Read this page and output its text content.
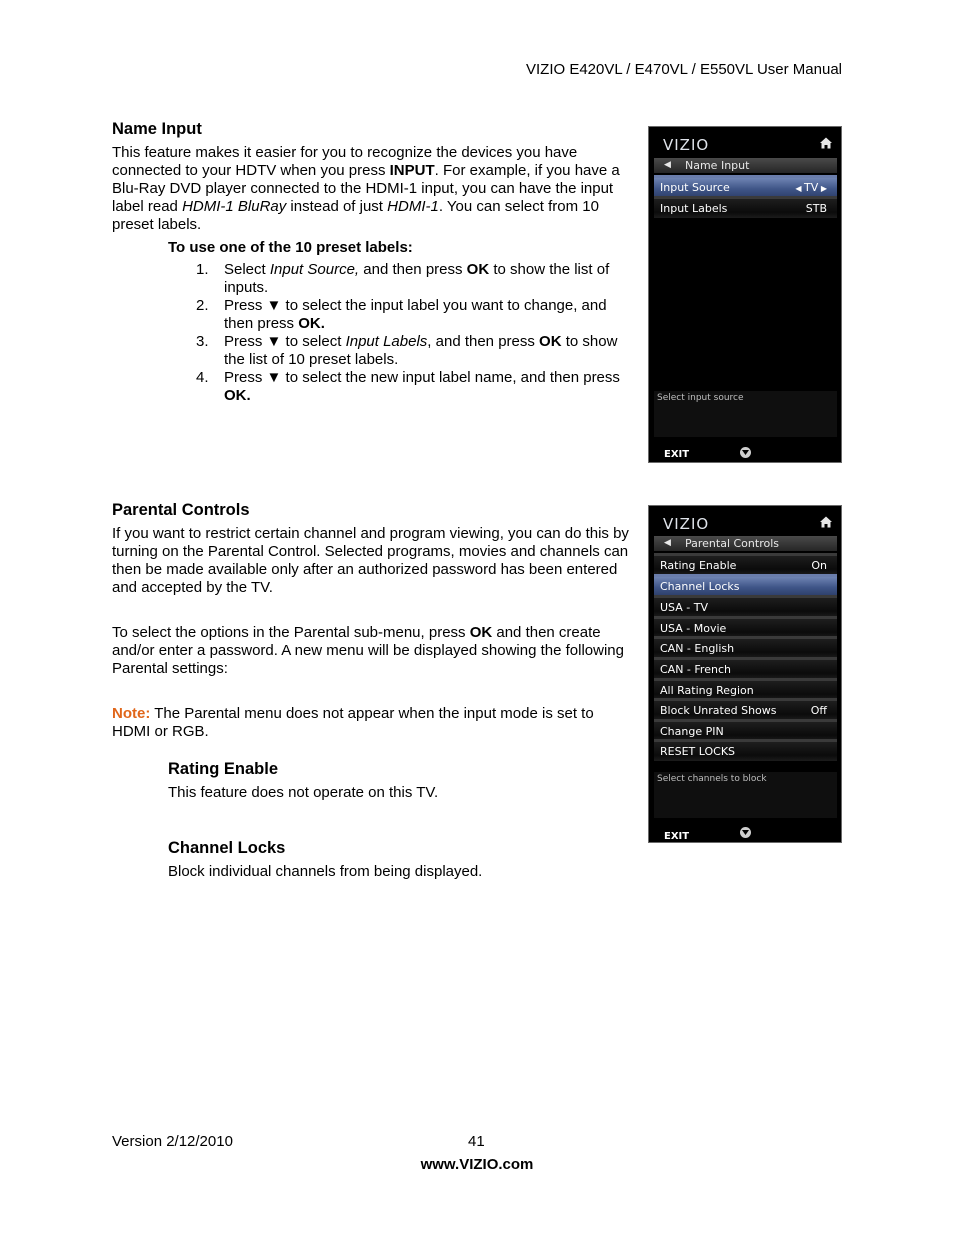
VIZIO E420VL / E470VL / E550VL User Manual
Name Input

This feature makes it easier for you to recognize the devices you have connected to your HDTV when you press INPUT. For example, if you have a Blu-Ray DVD player connected to the HDMI-1 input, you can have the input label read HDMI-1 BluRay instead of just HDMI-1. You can select from 10 preset labels.

To use one of the 10 preset labels:
1. Select Input Source, and then press OK to show the list of inputs.
2. Press ▼ to select the input label you want to change, and then press OK.
3. Press ▼ to select Input Labels, and then press OK to show the list of 10 preset labels.
4. Press ▼ to select the new input label name, and then press OK.
VIZIO
◀ Name Input
Input Source	◀ TV ▶
Input Labels	STB
Select input source
EXIT
Parental Controls

If you want to restrict certain channel and program viewing, you can do this by turning on the Parental Control. Selected programs, movies and channels can then be made available only after an authorized password has been entered and accepted by the TV.

To select the options in the Parental sub-menu, press OK and then create and/or enter a password. A new menu will be displayed showing the following Parental settings:

Note: The Parental menu does not appear when the input mode is set to HDMI or RGB.

Rating Enable

This feature does not operate on this TV.

Channel Locks

Block individual channels from being displayed.

VIZIO
◀ Parental Controls
Rating Enable	On
Channel Locks
USA - TV
USA - Movie
CAN - English
CAN - French
All Rating Region
Block Unrated Shows	Off
Change PIN
RESET LOCKS
Select channels to block
EXIT
Version 2/12/2010	41
www.VIZIO.com
